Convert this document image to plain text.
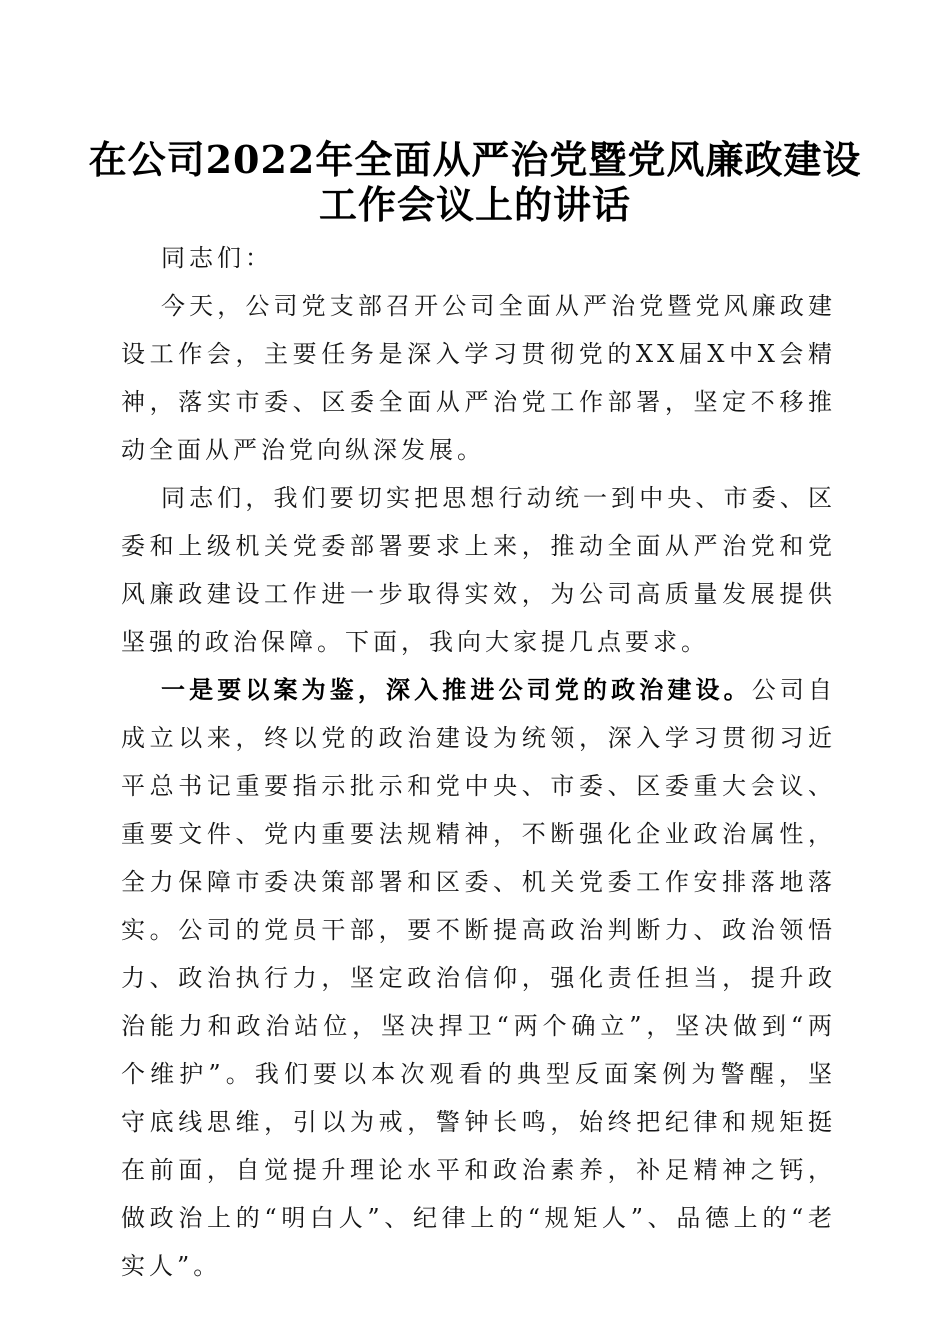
在公司2022年全面从严治党暨党风廉政建设
工作会议上的讲话

同志们：

今天，公司党支部召开公司全面从严治党暨党风廉政建设工作会，主要任务是深入学习贯彻党的XX届X中X会精神，落实市委、区委全面从严治党工作部署，坚定不移推动全面从严治党向纵深发展。

同志们，我们要切实把思想行动统一到中央、市委、区委和上级机关党委部署要求上来，推动全面从严治党和党风廉政建设工作进一步取得实效，为公司高质量发展提供坚强的政治保障。下面，我向大家提几点要求。

一是要以案为鉴，深入推进公司党的政治建设。公司自成立以来，终以党的政治建设为统领，深入学习贯彻习近平总书记重要指示批示和党中央、市委、区委重大会议、重要文件、党内重要法规精神，不断强化企业政治属性，全力保障市委决策部署和区委、机关党委工作安排落地落实。公司的党员干部，要不断提高政治判断力、政治领悟力、政治执行力，坚定政治信仰，强化责任担当，提升政治能力和政治站位，坚决捍卫“两个确立”，坚决做到“两个维护”。我们要以本次观看的典型反面案例为警醒，坚守底线思维，引以为戒，警钟长鸣，始终把纪律和规矩挺在前面，自觉提升理论水平和政治素养，补足精神之钙，做政治上的“明白人”、纪律上的“规矩人”、品德上的“老实人”。
